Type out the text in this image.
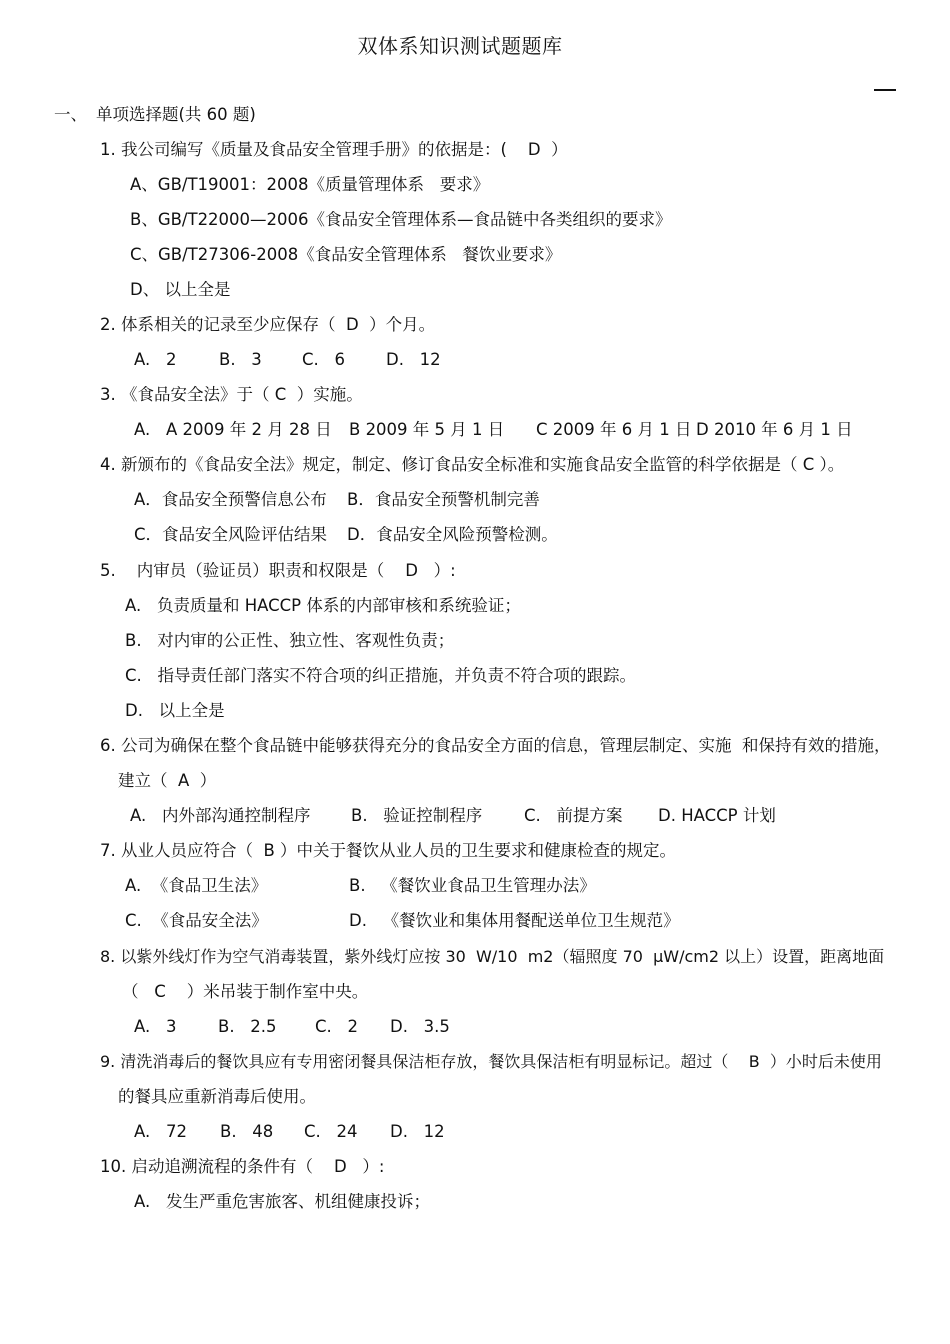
双体系知识测试题题库
一、 单项选择题(共 60 题)
1. 我公司编写《质量及食品安全管理手册》的依据是：(    D  ）
A、GB/T19001：2008《质量管理体系   要求》
B、GB/T22000—2006《食品安全管理体系—食品链中各类组织的要求》
C、GB/T27306-2008《食品安全管理体系   餐饮业要求》
D、 以上全是
2. 体系相关的记录至少应保存（  D  ）个月。
A.   2	B.   3 C.   6 D.   12
3. 《食品安全法》于（ C  ）实施。
A.   A 2009 年 2 月 28 日 B 2009 年 5 月 1 日 C 2009 年 6 月 1 日 D 2010 年 6 月 1 日
4. 新颁布的《食品安全法》规定，制定、修订食品安全标准和实施食品安全监管的科学依据是（ C ）。
A．食品安全预警信息公布 B．食品安全预警机制完善
C．食品安全风险评估结果 D．食品安全风险预警检测。
5.    内审员（验证员）职责和权限是（    D   ）:
A.   负责质量和 HACCP 体系的内部审核和系统验证；
B.   对内审的公正性、独立性、客观性负责；
C.   指导责任部门落实不符合项的纠正措施，并负责不符合项的跟踪。
D.   以上全是
6. 公司为确保在整个食品链中能够获得充分的食品安全方面的信息，管理层制定、实施  和保持有效的措施，
建立（  A  ）
A.   内外部沟通控制程序 B.   验证控制程序	C.   前提方案 D. HACCP 计划
7. 从业人员应符合（  B ）中关于餐饮从业人员的卫生要求和健康检查的规定。
A.  《食品卫生法》	B.   《餐饮业食品卫生管理办法》
C.  《食品安全法》	D.   《餐饮业和集体用餐配送单位卫生规范》
8. 以紫外线灯作为空气消毒装置，紫外线灯应按 30  W/10  m2（辐照度 70  μW/cm2 以上）设置，距离地面
（   C    ）米吊装于制作室中央。
A.   3	B.   2.5 C.   2 D.   3.5
9. 清洗消毒后的餐饮具应有专用密闭餐具保洁柜存放，餐饮具保洁柜有明显标记。超过（    B  ）小时后未使用
的餐具应重新消毒后使用。
A.   72 B.   48 C.   24 D.   12
10. 启动追溯流程的条件有（    D   ）:
A.   发生严重危害旅客、机组健康投诉；
